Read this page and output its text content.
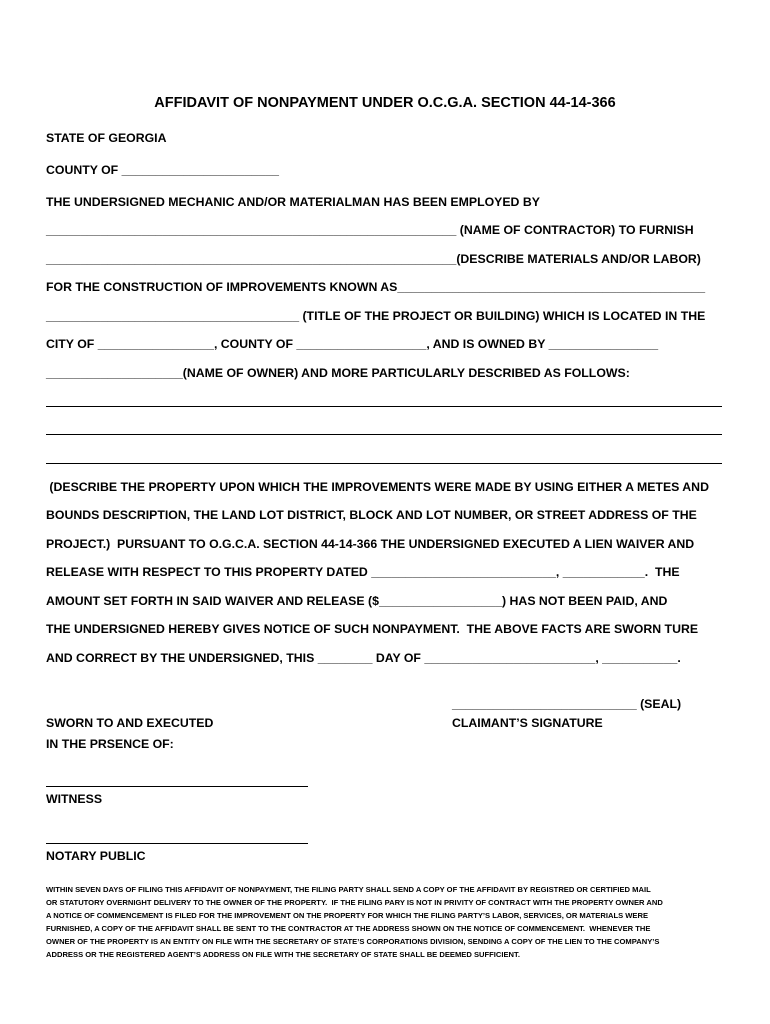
AFFIDAVIT OF NONPAYMENT UNDER O.C.G.A. SECTION 44-14-366
STATE OF GEORGIA
COUNTY OF _______________________
THE UNDERSIGNED MECHANIC AND/OR MATERIALMAN HAS BEEN EMPLOYED BY
____________________________________________________________ (NAME OF CONTRACTOR) TO FURNISH
____________________________________________________________(DESCRIBE MATERIALS AND/OR LABOR)
FOR THE CONSTRUCTION OF IMPROVEMENTS KNOWN AS_____________________________________________
_____________________________________ (TITLE OF THE PROJECT OR BUILDING) WHICH IS LOCATED IN THE
CITY OF _________________, COUNTY OF ___________________, AND IS OWNED BY ________________
____________________(NAME OF OWNER) AND MORE PARTICULARLY DESCRIBED AS FOLLOWS:
(DESCRIBE THE PROPERTY UPON WHICH THE IMPROVEMENTS WERE MADE BY USING EITHER A METES AND
BOUNDS DESCRIPTION, THE LAND LOT DISTRICT, BLOCK AND LOT NUMBER, OR STREET ADDRESS OF THE
PROJECT.)  PURSUANT TO O.G.C.A. SECTION 44-14-366 THE UNDERSIGNED EXECUTED A LIEN WAIVER AND
RELEASE WITH RESPECT TO THIS PROPERTY DATED ___________________________, ____________.  THE
AMOUNT SET FORTH IN SAID WAIVER AND RELEASE ($__________________) HAS NOT BEEN PAID, AND
THE UNDERSIGNED HEREBY GIVES NOTICE OF SUCH NONPAYMENT.  THE ABOVE FACTS ARE SWORN TURE
AND CORRECT BY THE UNDERSIGNED, THIS ________ DAY OF _________________________, ___________.
___________________________ (SEAL)
CLAIMANT’S SIGNATURE
SWORN TO AND EXECUTED
IN THE PRSENCE OF:
WITNESS
NOTARY PUBLIC
WITHIN SEVEN DAYS OF FILING THIS AFFIDAVIT OF NONPAYMENT, THE FILING PARTY SHALL SEND A COPY OF THE AFFIDAVIT BY REGISTRED OR CERTIFIED MAIL
OR STATUTORY OVERNIGHT DELIVERY TO THE OWNER OF THE PROPERTY.  IF THE FILING PARY IS NOT IN PRIVITY OF CONTRACT WITH THE PROPERTY OWNER AND
A NOTICE OF COMMENCEMENT IS FILED FOR THE IMPROVEMENT ON THE PROPERTY FOR WHICH THE FILING PARTY’S LABOR, SERVICES, OR MATERIALS WERE
FURNISHED, A COPY OF THE AFFIDAVIT SHALL BE SENT TO THE CONTRACTOR AT THE ADDRESS SHOWN ON THE NOTICE OF COMMENCEMENT.  WHENEVER THE
OWNER OF THE PROPERTY IS AN ENTITY ON FILE WITH THE SECRETARY OF STATE’S CORPORATIONS DIVISION, SENDING A COPY OF THE LIEN TO THE COMPANY’S
ADDRESS OR THE REGISTERED AGENT’S ADDRESS ON FILE WITH THE SECRETARY OF STATE SHALL BE DEEMED SUFFICIENT.
